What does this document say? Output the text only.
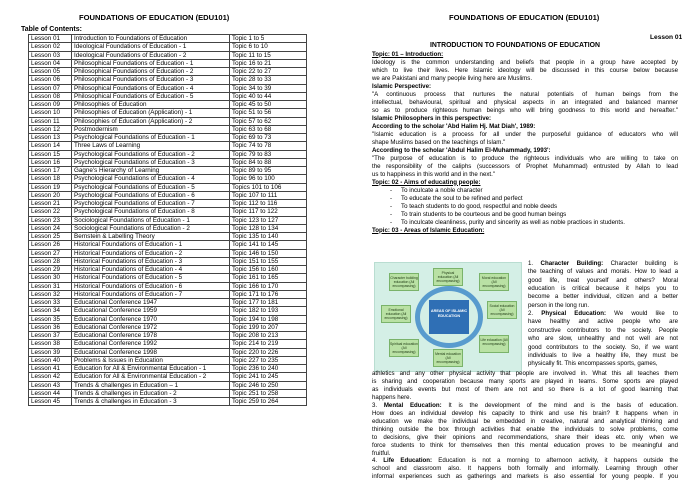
FOUNDATIONS OF EDUCATION (EDU101)
Table of Contents:
Lesson 01	Introduction to Foundations of Education	Topic 1 to 5
Lesson 02	Ideological Foundations of Education - 1	Topic 6 to 10
Lesson 03	Ideological Foundations of Education - 2	Topic 11 to 15
Lesson 04	Philosophical Foundations of Education - 1	Topic 16 to 21
Lesson 05	Philosophical Foundations of Education - 2	Topic 22 to 27
Lesson 06	Philosophical Foundations of Education - 3	Topic 28 to 33
Lesson 07	Philosophical Foundations of Education - 4	Topic 34 to 39
Lesson 08	Philosophical Foundations of Education - 5	Topic 40 to 44
Lesson 09	Philosophies of Education	Topic 45 to 50
Lesson 10	Philosophies of Education (Application) - 1	Topic 51 to 56
Lesson 11	Philosophies of Education (Application) - 2	Topic 57 to 62
Lesson 12	Postmodernism	Topic 63 to 68
Lesson 13	Psychological Foundations of Education - 1	Topic 69 to 73
Lesson 14	Three Laws of Learning	Topic 74 to 78
Lesson 15	Psychological Foundations of Education - 2	Topic 79 to 83
Lesson 16	Psychological Foundations of Education - 3	Topic 84 to 88
Lesson 17	Gagne's Hierarchy of Learning	Topic 89 to 95
Lesson 18	Psychological Foundations of Education - 4	Topic 96 to 100
Lesson 19	Psychological Foundations of Education - 5	Topics 101 to 106
Lesson 20	Psychological Foundations of Education - 6	Topic 107 to 111
Lesson 21	Psychological Foundations of Education - 7	Topic 112 to 116
Lesson 22	Psychological Foundations of Education - 8	Topic 117 to 122
Lesson 23	Sociological Foundations of Education - 1	Topic 123 to 127
Lesson 24	Sociological Foundations of Education - 2	Topic 128 to 134
Lesson 25	Bernstein & Labelling Theory	Topic 135 to 140
Lesson 26	Historical Foundations of Education - 1	Topic 141 to 145
Lesson 27	Historical Foundations of Education - 2	Topic 146 to 150
Lesson 28	Historical Foundations of Education - 3	Topic 151 to 155
Lesson 29	Historical Foundations of Education - 4	Topic 156 to 160
Lesson 30	Historical Foundations of Education - 5	Topic 161 to 165
Lesson 31	Historical Foundations of Education - 6	Topic 166 to 170
Lesson 32	Historical Foundations of Education - 7	Topic 171 to 176
Lesson 33	Educational Conference 1947	Topic 177 to 181
Lesson 34	Educational Conference 1959	Topic 182 to 193
Lesson 35	Educational Conference 1970	Topic 194 to 198
Lesson 36	Educational Conference 1972	Topic 199 to 207
Lesson 37	Educational Conference 1978	Topic 208 to 213
Lesson 38	Educational Conference 1992	Topic 214 to 219
Lesson 39	Educational Conference 1998	Topic 220 to 226
Lesson 40	Problems & Issues in Education	Topic 227 to 235
Lesson 41	Education for All & Environmental Education - 1	Topic 236 to 240
Lesson 42	Education for All & Environmental Education - 2	Topic 241 to 245
Lesson 43	Trends & challenges in Education – 1	Topic 246 to 250
Lesson 44	Trends & challenges in Education - 2	Topic 251 to 258
Lesson 45	Trends & challenges in Education - 3	Topic 259 to 264
FOUNDATIONS OF EDUCATION (EDU101)
Lesson 01
INTRODUCTION TO FOUNDATIONS OF EDUCATION
AREAS OF ISLAMIC EDUCATION
Character building education (All encompassing)
Physical education (All encompassing)
Moral education (All encompassing)
Social education (All encompassing)
Life education (All encompassing)
Mental education (All encompassing)
Spiritual education (All encompassing)
Emotional education (All encompassing)
Topic: 01 – Introduction:
Ideology is the common understanding and beliefs that people in a group have accepted by
which to live their lives. Here Islamic ideology will be discussed in this course below because
we are Pakistani and many people living here are Muslims.
Islamic Perspective:
"A continuous process that nurtures the natural potentials of human beings from the
intellectual, behavioural, spiritual and physical aspects in an integrated and balanced manner
so as to produce righteous human beings who will bring goodness to this world and hereafter."
Islamic Philosophers in this perspective:
According to the scholar 'Abd Halim Hj. Mat Diah', 1989:
"Islamic education is a process for all under the purposeful guidance of educators who will
shape Muslims based on the teachings of Islam."
According to the scholar 'Abdul Halim El-Muhammady, 1993':
"The purpose of education is to produce the righteous individuals who are willing to take on
the responsibility of the caliphs (successors of Prophet Muhammad) entrusted by Allah to lead
us to happiness in this world and in the next."
Topic: 02 - Aims of educating people:
- To inculcate a noble character
- To educate the soul to be refined and perfect
- To teach students to do good, respectful and noble deeds
- To train students to be courteous and be good human beings
- To inculcate cleanliness, purity and sincerity as well as noble practices in students.
Topic: 03 - Areas of Islamic Education:
1. Character Building: Character building is
the teaching of values and morals. How to lead a
good life, treat yourself and others? Moral
education is critical because it helps you to
become a better individual, citizen and a better
person in the long run.
2. Physical Education: We would like to
have healthy and active people who are
constructive contributors to the society. People
who are slow, unhealthy and not well are not
good contributors to the society. So, if we want
individuals to live a healthy life, they must be
physically fit. This encompasses sports, games,
athletics and any other physical activity that people are involved in. What this all teaches them
is sharing and cooperation because many sports are played in teams. Some sports are played
as individuals events but most of them are not and so there is a lot of good learning that
happens here.
3. Mental Education: It is the development of the mind and is the basis of education.
How does an individual develop his capacity to think and use his brain? It happens when in
education we make the individual be embedded in creative, natural and analytical thinking and
thinking outside the box through activities that enable the individuals to solve problems, come
to decisions, give their opinions and recommendations, share their ideas etc. only when we
force students to think for themselves then this mental education proves to be meaningful and
fruitful.
4. Life Education: Education is not a morning to afternoon activity, it happens outside the
school and classroom also. It happens both formally and informally. Learning through other
informal experiences such as gatherings and markets is also essential for young people. If you
